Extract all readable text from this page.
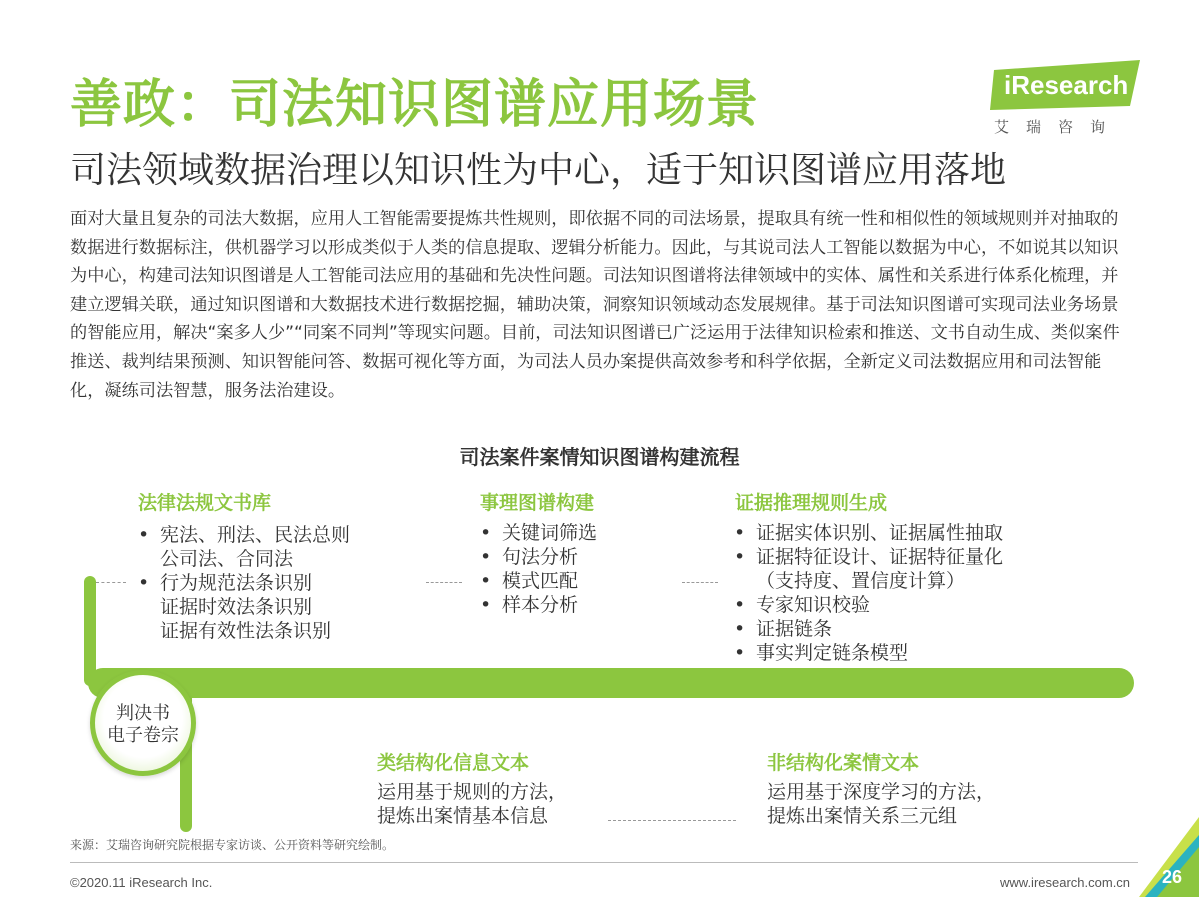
善政：司法知识图谱应用场景
司法领域数据治理以知识性为中心，适于知识图谱应用落地
iResearch
艾瑞咨询

面对大量且复杂的司法大数据，应用人工智能需要提炼共性规则，即依据不同的司法场景，提取具有统一性和相似性的领域规则并对抽取的数据进行数据标注，供机器学习以形成类似于人类的信息提取、逻辑分析能力。因此，与其说司法人工智能以数据为中心，不如说其以知识为中心，构建司法知识图谱是人工智能司法应用的基础和先决性问题。司法知识图谱将法律领域中的实体、属性和关系进行体系化梳理，并建立逻辑关联，通过知识图谱和大数据技术进行数据挖掘，辅助决策，洞察知识领域动态发展规律。基于司法知识图谱可实现司法业务场景的智能应用，解决“案多人少”“同案不同判”等现实问题。目前，司法知识图谱已广泛运用于法律知识检索和推送、文书自动生成、类似案件推送、裁判结果预测、知识智能问答、数据可视化等方面，为司法人员办案提供高效参考和科学依据，全新定义司法数据应用和司法智能化，凝练司法智慧，服务法治建设。

司法案件案情知识图谱构建流程
法律法规文书库
• 宪法、刑法、民法总则
公司法、合同法
• 行为规范法条识别
证据时效法条识别
证据有效性法条识别
事理图谱构建
• 关键词筛选
• 句法分析
• 模式匹配
• 样本分析
证据推理规则生成
• 证据实体识别、证据属性抽取
• 证据特征设计、证据特征量化
（支持度、置信度计算）
• 专家知识校验
• 证据链条
• 事实判定链条模型
判决书
电子卷宗
类结构化信息文本
运用基于规则的方法，
提炼出案情基本信息
非结构化案情文本
运用基于深度学习的方法，
提炼出案情关系三元组
来源：艾瑞咨询研究院根据专家访谈、公开资料等研究绘制。
©2020.11 iResearch Inc.	www.iresearch.com.cn 26
